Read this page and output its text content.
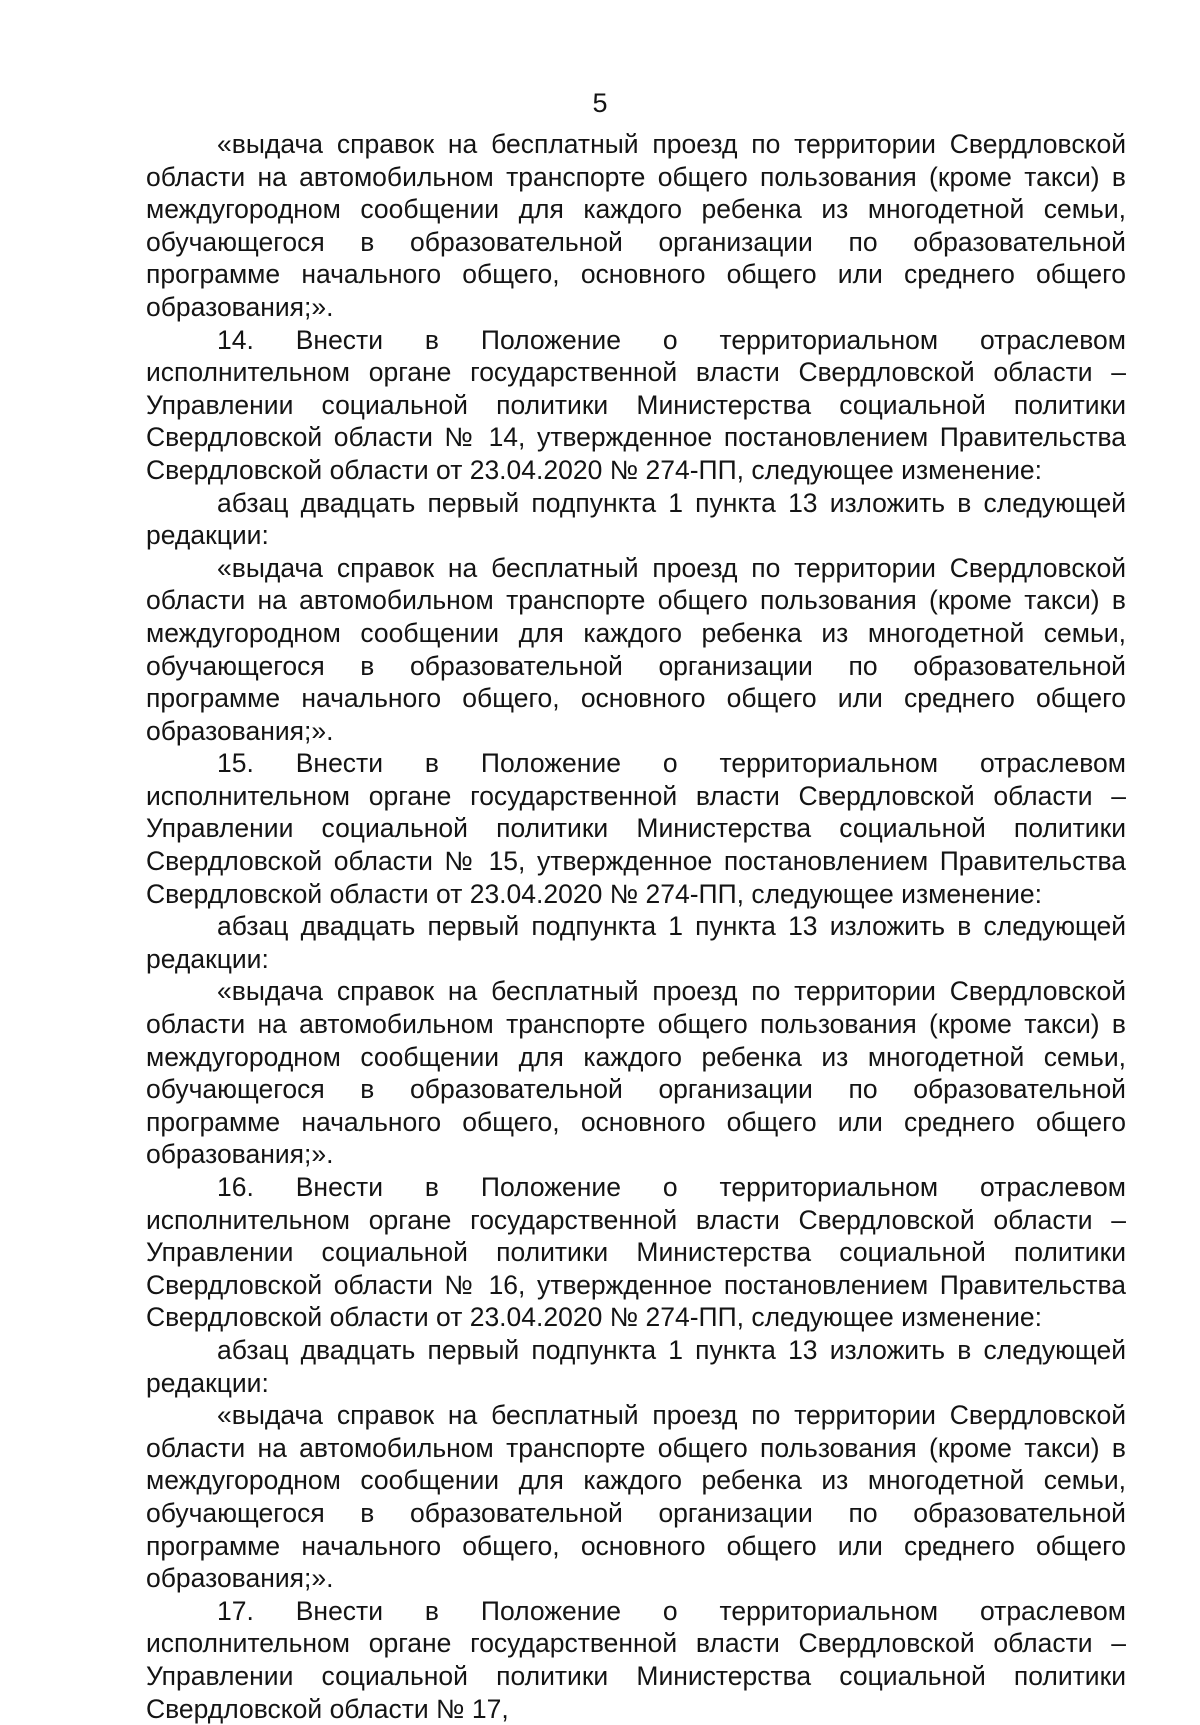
5

«выдача справок на бесплатный проезд по территории Свердловской области на автомобильном транспорте общего пользования (кроме такси) в междугородном сообщении для каждого ребенка из многодетной семьи, обучающегося в образовательной организации по образовательной программе начального общего, основного общего или среднего общего образования;».

14. Внести в Положение о территориальном отраслевом исполнительном органе государственной власти Свердловской области – Управлении социальной политики Министерства социальной политики Свердловской области № 14, утвержденное постановлением Правительства Свердловской области от 23.04.2020 № 274-ПП, следующее изменение:

абзац двадцать первый подпункта 1 пункта 13 изложить в следующей редакции:

«выдача справок на бесплатный проезд по территории Свердловской области на автомобильном транспорте общего пользования (кроме такси) в междугородном сообщении для каждого ребенка из многодетной семьи, обучающегося в образовательной организации по образовательной программе начального общего, основного общего или среднего общего образования;».

15. Внести в Положение о территориальном отраслевом исполнительном органе государственной власти Свердловской области – Управлении социальной политики Министерства социальной политики Свердловской области № 15, утвержденное постановлением Правительства Свердловской области от 23.04.2020 № 274-ПП, следующее изменение:

абзац двадцать первый подпункта 1 пункта 13 изложить в следующей редакции:

«выдача справок на бесплатный проезд по территории Свердловской области на автомобильном транспорте общего пользования (кроме такси) в междугородном сообщении для каждого ребенка из многодетной семьи, обучающегося в образовательной организации по образовательной программе начального общего, основного общего или среднего общего образования;».

16. Внести в Положение о территориальном отраслевом исполнительном органе государственной власти Свердловской области – Управлении социальной политики Министерства социальной политики Свердловской области № 16, утвержденное постановлением Правительства Свердловской области от 23.04.2020 № 274-ПП, следующее изменение:

абзац двадцать первый подпункта 1 пункта 13 изложить в следующей редакции:

«выдача справок на бесплатный проезд по территории Свердловской области на автомобильном транспорте общего пользования (кроме такси) в междугородном сообщении для каждого ребенка из многодетной семьи, обучающегося в образовательной организации по образовательной программе начального общего, основного общего или среднего общего образования;».

17. Внести в Положение о территориальном отраслевом исполнительном органе государственной власти Свердловской области – Управлении социальной политики Министерства социальной политики Свердловской области № 17,
